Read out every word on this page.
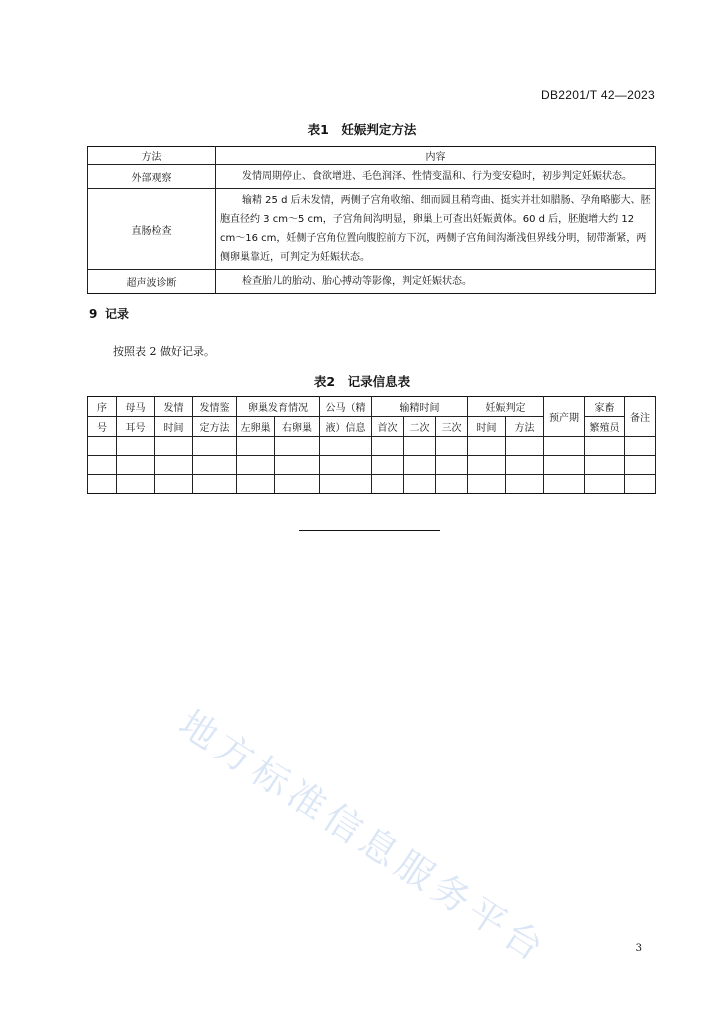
DB2201/T 42—2023
表1　妊娠判定方法
方法	内容
外部观察	发情周期停止、食欲增进、毛色润泽、性情变温和、行为变安稳时，初步判定妊娠状态。
直肠检查	输精 25 d 后未发情，两侧子宫角收缩、细而圆且稍弯曲、挺实并壮如腊肠、孕角略膨大、胚胞直径约 3 cm～5 cm，子宫角间沟明显，卵巢上可查出妊娠黄体。60 d 后，胚胞增大约 12 cm～16 cm，妊侧子宫角位置向腹腔前方下沉，两侧子宫角间沟渐浅但界线分明，韧带渐紧，两侧卵巢靠近，可判定为妊娠状态。
超声波诊断	检查胎儿的胎动、胎心搏动等影像，判定妊娠状态。
9 记录
按照表 2 做好记录。
表2　记录信息表
序	母马	发情	发情鉴	卵巢发育情况		公马（精	输精时间			妊娠判定		预产期	家畜	备注
号	耳号	时间	定方法	左卵巢	右卵巢	液）信息	首次	二次	三次	时间	方法		繁殖员	

地方标准信息服务平台	3
